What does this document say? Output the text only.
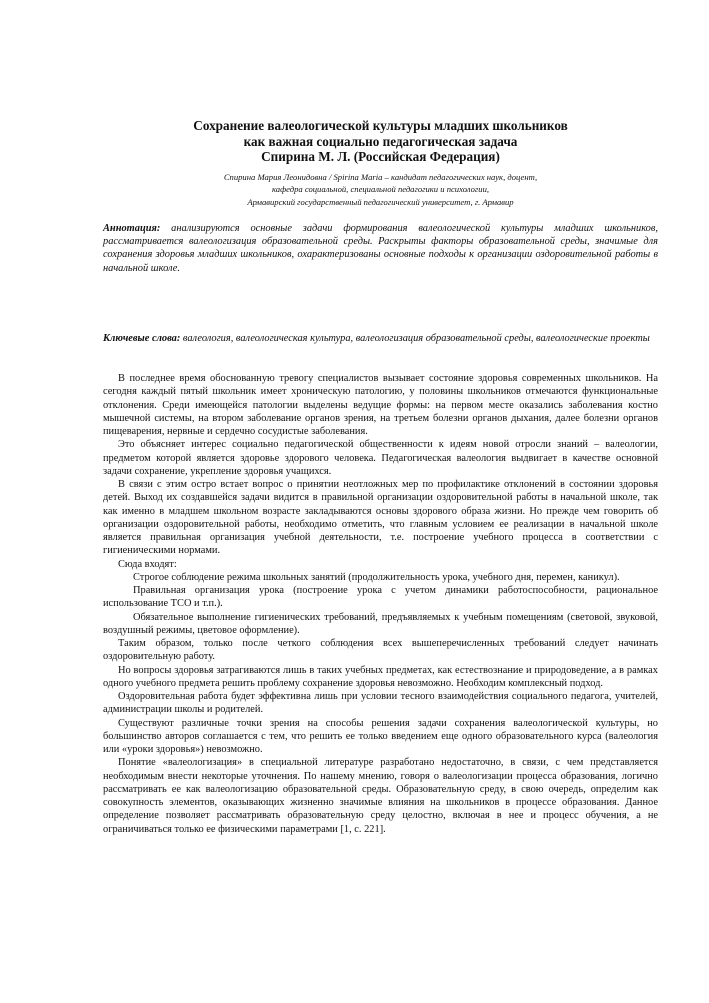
Сохранение валеологической культуры младших школьников
как важная социально педагогическая задача
Спирина М. Л. (Российская Федерация)
Спирина Мария Леонидовна / Spirina Maria – кандидат педагогических наук, доцент,
кафедра социальной, специальной педагогики и психологии,
Армавирский государственный педагогический университет, г. Армавир
Аннотация: анализируются основные задачи формирования валеологической культуры младших школьников, рассматривается валеологизация образовательной среды. Раскрыты факторы образовательной среды, значимые для сохранения здоровья младших школьников, охарактеризованы основные подходы к организации оздоровительной работы в начальной школе.
Ключевые слова: валеология, валеологическая культура, валеологизация образовательной среды, валеологические проекты

В последнее время обоснованную тревогу специалистов вызывает состояние здоровья современных школьников. На сегодня каждый пятый школьник имеет хроническую патологию, у половины школьников отмечаются функциональные отклонения. Среди имеющейся патологии выделены ведущие формы: на первом месте оказались заболевания костно мышечной системы, на втором заболевание органов зрения, на третьем болезни органов дыхания, далее болезни органов пищеварения, нервные и сердечно сосудистые заболевания.

Это объясняет интерес социально педагогической общественности к идеям новой отросли знаний – валеологии, предметом которой является здоровье здорового человека. Педагогическая валеология выдвигает в качестве основной задачи сохранение, укрепление здоровья учащихся.

В связи с этим остро встает вопрос о принятии неотложных мер по профилактике отклонений в состоянии здоровья детей. Выход их создавшейся задачи видится в правильной организации оздоровительной работы в начальной школе, так как именно в младшем школьном возрасте закладываются основы здорового образа жизни. Но прежде чем говорить об организации оздоровительной работы, необходимо отметить, что главным условием ее реализации в начальной школе является правильная организация учебной деятельности, т.е. построение учебного процесса в соответствии с гигиеническими нормами.

Сюда входят:

Строгое соблюдение режима школьных занятий (продолжительность урока, учебного дня, перемен, каникул).

Правильная организация урока (построение урока с учетом динамики работоспособности, рациональное использование ТСО и т.п.).

Обязательное выполнение гигиенических требований, предъявляемых к учебным помещениям (световой, звуковой, воздушный режимы, цветовое оформление).

Таким образом, только после четкого соблюдения всех вышеперечисленных требований следует начинать оздоровительную работу.

Но вопросы здоровья затрагиваются лишь в таких учебных предметах, как естествознание и природоведение, а в рамках одного учебного предмета решить проблему сохранение здоровья невозможно. Необходим комплексный подход.

Оздоровительная работа будет эффективна лишь при условии тесного взаимодействия социального педагога, учителей, администрации школы и родителей.

Существуют различные точки зрения на способы решения задачи сохранения валеологической культуры, но большинство авторов соглашается с тем, что решить ее только введением еще одного образовательного курса (валеология или «уроки здоровья») невозможно.

Понятие «валеологизация» в специальной литературе разработано недостаточно, в связи, с чем представляется необходимым внести некоторые уточнения. По нашему мнению, говоря о валеологизации процесса образования, логично рассматривать ее как валеологизацию образовательной среды. Образовательную среду, в свою очередь, определим как совокупность элементов, оказывающих жизненно значимые влияния на школьников в процессе образования. Данное определение позволяет рассматривать образовательную среду целостно, включая в нее и процесс обучения, а не ограничиваться только ее физическими параметрами [1, с. 221].
